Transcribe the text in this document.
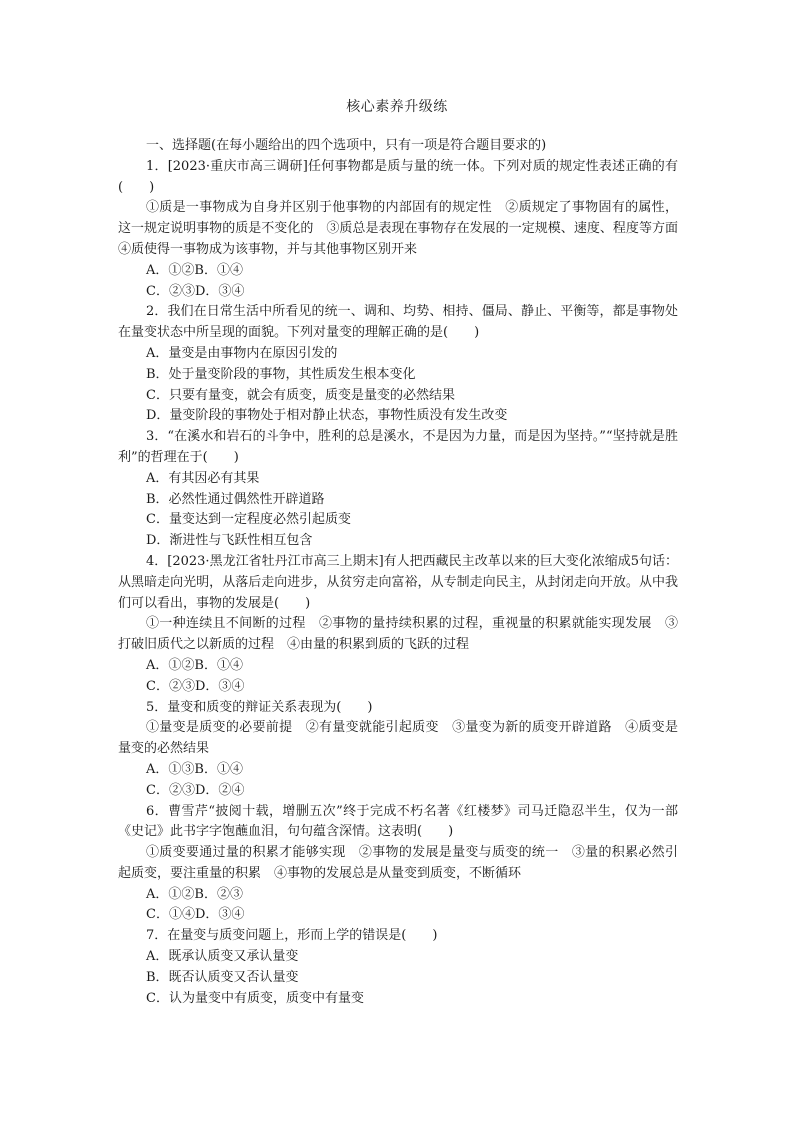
核心素养升级练

一、选择题(在每小题给出的四个选项中，只有一项是符合题目要求的)

1．[2023·重庆市高三调研]任何事物都是质与量的统一体。下列对质的规定性表述正确的有(　　)

①质是一事物成为自身并区别于他事物的内部固有的规定性　②质规定了事物固有的属性，这一规定说明事物的质是不变化的　③质总是表现在事物存在发展的一定规模、速度、程度等方面　④质使得一事物成为该事物，并与其他事物区别开来

A．①②B．①④

C．②③D．③④

2．我们在日常生活中所看见的统一、调和、均势、相持、僵局、静止、平衡等，都是事物处在量变状态中所呈现的面貌。下列对量变的理解正确的是(　　)

A．量变是由事物内在原因引发的

B．处于量变阶段的事物，其性质发生根本变化

C．只要有量变，就会有质变，质变是量变的必然结果

D．量变阶段的事物处于相对静止状态，事物性质没有发生改变

3．“在溪水和岩石的斗争中，胜利的总是溪水，不是因为力量，而是因为坚持。”“坚持就是胜利”的哲理在于(　　)

A．有其因必有其果

B．必然性通过偶然性开辟道路

C．量变达到一定程度必然引起质变

D．渐进性与飞跃性相互包含

4．[2023·黑龙江省牡丹江市高三上期末]有人把西藏民主改革以来的巨大变化浓缩成5句话：从黑暗走向光明，从落后走向进步，从贫穷走向富裕，从专制走向民主，从封闭走向开放。从中我们可以看出，事物的发展是(　　)

①一种连续且不间断的过程　②事物的量持续积累的过程，重视量的积累就能实现发展　③打破旧质代之以新质的过程　④由量的积累到质的飞跃的过程

A．①②B．①④

C．②③D．③④

5．量变和质变的辩证关系表现为(　　)

①量变是质变的必要前提　②有量变就能引起质变　③量变为新的质变开辟道路　④质变是量变的必然结果

A．①③B．①④

C．②③D．②④

6．曹雪芹“披阅十载，增删五次”终于完成不朽名著《红楼梦》司马迁隐忍半生，仅为一部《史记》此书字字饱蘸血泪，句句蕴含深情。这表明(　　)

①质变要通过量的积累才能够实现　②事物的发展是量变与质变的统一　③量的积累必然引起质变，要注重量的积累　④事物的发展总是从量变到质变，不断循环

A．①②B．②③

C．①④D．③④

7．在量变与质变问题上，形而上学的错误是(　　)

A．既承认质变又承认量变

B．既否认质变又否认量变

C．认为量变中有质变，质变中有量变
